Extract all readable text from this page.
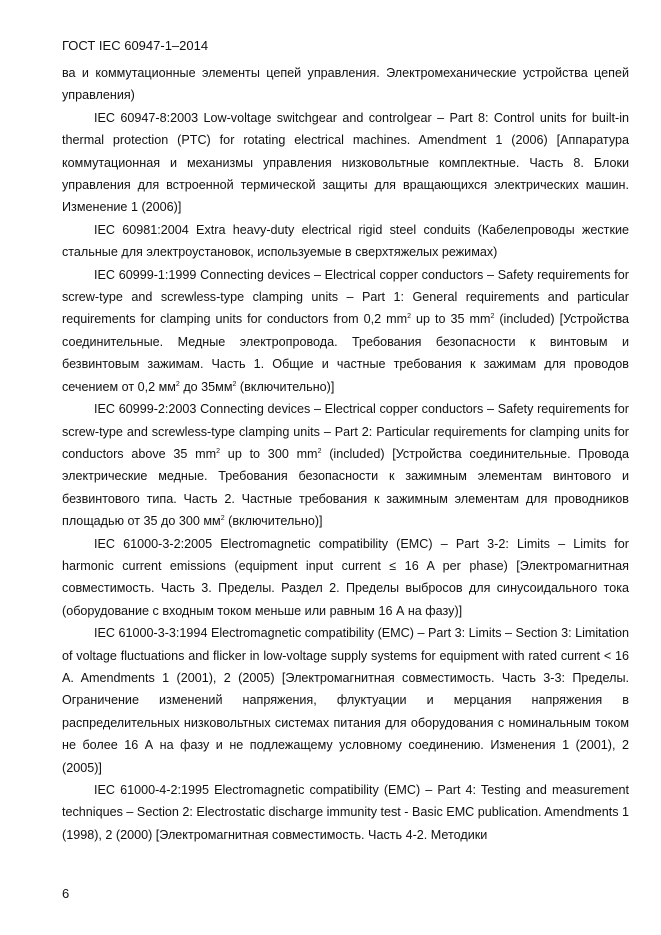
ГОСТ IEC 60947-1–2014

ва и коммутационные элементы цепей управления. Электромеханические устройства цепей управления)

IEC 60947-8:2003 Low-voltage switchgear and controlgear – Part 8: Control units for built-in thermal protection (PTC) for rotating electrical machines. Amendment 1 (2006) [Аппаратура коммутационная и механизмы управления низковольтные комплектные. Часть 8. Блоки управления для встроенной термической защиты для вращающихся электрических машин. Изменение 1 (2006)]

IEC 60981:2004 Extra heavy-duty electrical rigid steel conduits (Кабелепроводы жесткие стальные для электроустановок, используемые в сверхтяжелых режимах)

IEC 60999-1:1999 Connecting devices – Electrical copper conductors – Safety requirements for screw-type and screwless-type clamping units – Part 1: General requirements and particular requirements for clamping units for conductors from 0,2 $mm^2$ up to 35 $mm^2$ (included) [Устройства соединительные. Медные электропровода. Требования безопасности к винтовым и безвинтовым зажимам. Часть 1. Общие и частные требования к зажимам для проводов сечением от 0,2 $мм^2$ до $35мм^2$ (включительно)]

IEC 60999-2:2003 Connecting devices – Electrical copper conductors – Safety requirements for screw-type and screwless-type clamping units – Part 2: Particular requirements for clamping units for conductors above 35 $mm^2$ up to 300 $mm^2$ (included) [Устройства соединительные. Провода электрические медные. Требования безопасности к зажимным элементам винтового и безвинтового типа. Часть 2. Частные требования к зажимным элементам для проводников площадью от 35 до 300 $мм^2$ (включительно)]

IEC 61000-3-2:2005 Electromagnetic compatibility (EMC) – Part 3-2: Limits – Limits for harmonic current emissions (equipment input current ≤ 16 A per phase) [Электромагнитная совместимость. Часть 3. Пределы. Раздел 2. Пределы выбросов для синусоидального тока (оборудование с входным током меньше или равным 16 А на фазу)]

IEC 61000-3-3:1994 Electromagnetic compatibility (EMC) – Part 3: Limits – Section 3: Limitation of voltage fluctuations and flicker in low-voltage supply systems for equipment with rated current < 16 A. Amendments 1 (2001), 2 (2005) [Электромагнитная совместимость. Часть 3-3: Пределы. Ограничение изменений напряжения, флуктуации и мерцания напряжения в распределительных низковольтных системах питания для оборудования с номинальным током не более 16 А на фазу и не подлежащему условному соединению. Изменения 1 (2001), 2 (2005)]

IEC 61000-4-2:1995 Electromagnetic compatibility (EMC) – Part 4: Testing and measurement techniques – Section 2: Electrostatic discharge immunity test - Basic EMC publication. Amendments 1 (1998), 2 (2000) [Электромагнитная совместимость. Часть 4-2. Методики

6
